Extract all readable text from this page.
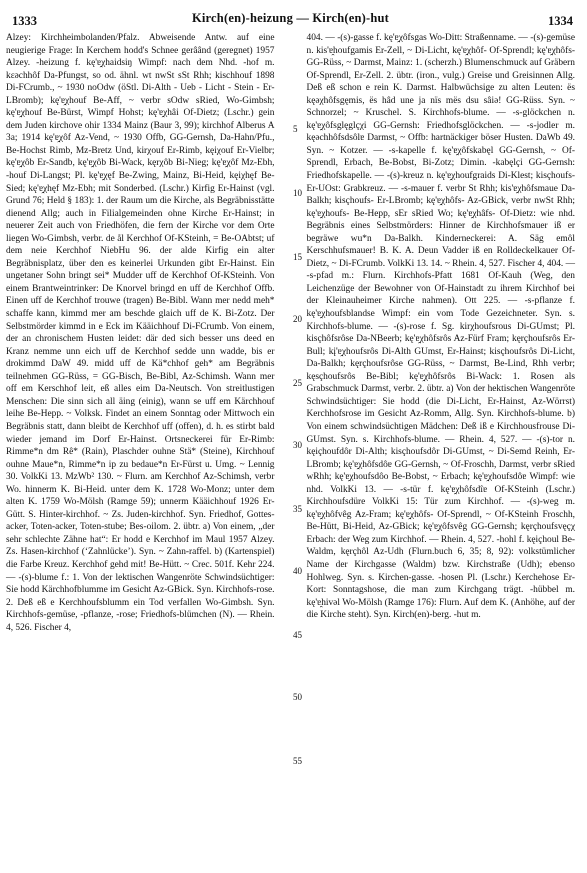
1333	Kirch(en)-heizung — Kirch(en)-hut	1334

Alzey: Kirchheimbolanden/Pfalz. Abweisende Antw. auf eine neugierige Frage: In Kerchem hodd's Schnee gerâând (geregnet) 1957 Alzey. -heizung f. kę'ɐ̯χhaidsiŋ Wimpf: nach dem Nhd. -hof m. kɛəchhôf Da-Pfungst, so od. ähnl. wt nwSt sSt Rhh; kischhouf 1898 Di-FCrumb., ~ 1930 noOdw (öStl. Di-Alth - Ueb - Licht - Stein - Er-LBromb); kę'ɐ̯χhouf Be-Aff, ~ verbr sOdw sRied, Wo-Gimbsh; kę'ɐ̯χhouf Be-Bürst, Wimpf Hohst; kę'ɐ̯χhâi Of-Dietz; (Lschr.) gein dem Juden kirchove ohir 1334 Mainz (Baur 3, 99); kirchhof Alberus A 3a; 1914 kę'ɐ̯χôf Az-Vend, ~ 1930 Offb, GG-Gernsh, Da-Hahn/Pfu., Be-Hochst Rimb, Mz-Bretz Und, kirχouf Er-Rimb, kęiχouf Er-Vielbr; kę'ɐ̯χôb Er-Sandb, kę'ɐ̯χôb Bi-Wack, kęrχôb Bi-Nieg; kę'ɐ̯χôf Mz-Ebh, -houf Di-Langst; Pl. kę'ɐ̯χęf Be-Zwing, Mainz, Bi-Heid, kęiχhęf Be-Sied; kę'ɐ̯χhęf Mz-Ebh; mit Sonderbed. (Lschr.) Kirfig Er-Hainst (vgl. Grund 76; Held § 183): 1. der Raum um die Kirche, als Begräbnisstätte dienend Allg; auch in Filialgemeinden ohne Kirche Er-Hainst; in neuerer Zeit auch von Friedhöfen, die fern der Kirche vor dem Orte liegen Wo-Gimbsh, verbr. de ål Kerchhof Of-KSteinh, = Be-OAbtst; uf dem neie Kerchhof NiebHu 96. der alde Kirfig ein alter Begräbnisplatz, über den es keinerlei Urkunden gibt Er-Hainst. Ein ungetaner Sohn bringt sei* Mudder uff de Kerchhof Of-KSteinh. Von einem Brantweintrinker: De Knorvel bringd en uff de Kerchhof Offb. Einen uff de Kerchhof trouwe (tragen) Be-Bibl. Wann mer nedd meh* schaffe kann, kimmd mer am beschde glaich uff de K. Bi-Zotz. Der Selbstmörder kimmd in e Eck im Kääichhouf Di-FCrumb. Von einem, der an chronischem Husten leidet: där ded sich besser uns deed en Kranz nemme unn eich uff de Kerchhof sedde unn wadde, bis er drokimmd DaW 49. midd uff de Kä*chhof geh* am Begräbnis teilnehmen GG-Rüss, = GG-Bisch, Be-Bibl, Az-Schimsh. Wann mer off em Kerschhof leit, eß alles eim Da-Neutsch. Von streitlustigen Menschen: Die sinn sich all äing (einig), wann se uff em Kärchhouf leihe Be-Hepp. ~ Volksk. Findet an einem Sonntag oder Mittwoch ein Begräbnis statt, dann bleibt de Kerchhof uff (offen), d. h. es stirbt bald wieder jemand im Dorf Er-Hainst. Ortsneckerei für Er-Rimb: Rimme*n dm Rê* (Rain), Plaschder ouhne Stä* (Steine), Kirchhouf ouhne Maue*n, Rimme*n ip zu bedaue*n Er-Fürst u. Umg. ~ Lennig 30. VolkKi 13. MzWb² 130. ~ Flurn. am Kerchhof Az-Schimsh, verbr Wo. hinnerm K. Bi-Heid. unter dem K. 1728 Wo-Monz; unter dem alten K. 1759 Wo-Mölsh (Ramge 59); unnerm Kääichhouf 1926 Er-Gütt. S. Hinter-kirchhof. ~ Zs. Juden-kirchhof. Syn. Friedhof, Gottes-acker, Toten-acker, Toten-stube; Bes-oilom. 2. übtr. a) Von einem, „der sehr schlechte Zähne hat“: Er hodd e Kerchhof im Maul 1957 Alzey. Zs. Hasen-kirchhof (‘Zahnlücke’). Syn. ~ Zahn-raffel. b) (Kartenspiel) die Farbe Kreuz. Kerchhof gehd mit! Be-Hütt. ~ Crec. 501f. Kehr 224. — -(s)-blume f.: 1. Von der lektischen Wangenröte Schwindsüchtiger: Sie hodd Kärchhofblumme im Gesicht Az-GBick. Syn. Kirchhofs-rose. 2. Deß eß e Kerchhoufsblumm ein Tod verfallen Wo-Gimbsh. Syn. Kirchhofs-gemüse, -pflanze, -rose; Friedhofs-blümchen (N). — Rhein. 4, 526. Fischer 4,

5
10
15
20
25
30
35
40
45
50
55

404. — -(s)-gasse f. kę'ɐ̯χôfsgas Wo-Ditt: Straßenname. — -(s)-gemüse n. kis'ɐ̯houfgamis Er-Zell, ~ Di-Licht, kę'ɐ̯χhôf- Of-Sprendl; kę'ɐ̯χhôfs- GG-Rüss, ~ Darmst, Mainz: 1. (scherzh.) Blumenschmuck auf Gräbern Of-Sprendl, Er-Zell. 2. übtr. (iron., vulg.) Greise und Greisinnen Allg. Deß eß schon e rein K. Darmst. Halbwüchsige zu alten Leuten: ës kęəχhôfsgęmis, ës hâd une ja nïs mës dsu sâiə! GG-Rüss. Syn. ~ Schnorzel; ~ Kruschel. S. Kirchhofs-blume. — -s-glöckchen n. kę'ɐ̯χôfsglęglçχi GG-Gernsh: Friedhofsglöckchen. — -s-jodler m. kęəchhôfsdsôlɐ Darmst, ~ Offb: hartnäckiger böser Husten. DaWb 49. Syn. ~ Kotzer. — -s-kapelle f. kę'ɐ̯χôfskabęl GG-Gernsh, ~ Of-Sprendl, Erbach, Be-Bobst, Bi-Zotz; Dimin. -kabęlçi GG-Gernsh: Friedhofskapelle. — -(s)-kreuz n. kę'ɐ̯χhoufgraids Di-Klest; kisçhoufs- Er-UOst: Grabkreuz. — -s-mauer f. verbr St Rhh; kis'ɐ̯χhôfsmaue Da-Balkh; kisçhoufs- Er-LBromb; kę'ɐ̯χhôfs- Az-GBick, verbr nwSt Rhh; kę'ɐ̯χhoufs- Be-Hepp, sEr sRied Wo; kę'ɐ̯χhâfs- Of-Dietz: wie nhd. Begräbnis eines Selbstmörders: Hinner de Kirchhofsmauer iß er begräwe wu*n Da-Balkh. Kinderneckerei: A. Säg emôl Kerschhufsmauer! B. K. A. Deun Vadder iß en Rolldeckelkauer Of-Dietz, ~ Di-FCrumb. VolkKi 13. 14. ~ Rhein. 4, 527. Fischer 4, 404. — -s-pfad m.: Flurn. Kirchhofs-Pfatt 1681 Of-Kauh (Weg, den Leichenzüge der Bewohner von Of-Hainstadt zu ihrem Kirchhof bei der Kleinauheimer Kirche nahmen). Ott 225. — -s-pflanze f. kę'ɐ̯χhoufsblandse Wimpf: ein vom Tode Gezeichneter. Syn. s. Kirchhofs-blume. — -(s)-rose f. Sg. kirχhoufsrous Di-GUmst; Pl. kisçhôfsrôse Da-NBeerb; kę'ɐ̯χhôfsrôs Az-Fürf Fram; kęrçhoufsrôs Er-Bull; kį'ɐ̯χhoufsrôs Di-Alth GUmst, Er-Hainst; kisçhoufsrôs Di-Licht, Da-Balkh; kęrçhoufsrôse GG-Rüss, ~ Darmst, Be-Lind, Rhh verbr; kęsçhoufsrôs Be-Bibl; kę'ɐ̯χhôfsrôs Bi-Wack: 1. Rosen als Grabschmuck Darmst, verbr. 2. übtr. a) Von der hektischen Wangenröte Schwindsüchtiger: Sie hodd (die Di-Licht, Er-Hainst, Az-Wörrst) Kerchhofsrose im Gesicht Az-Romm, Allg. Syn. Kirchhofs-blume. b) Von einem schwindsüchtigen Mädchen: Deß iß e Kirchhousfrouse Di-GUmst. Syn. s. Kirchhofs-blume. — Rhein. 4, 527. — -(s)-tor n. kęiçhoufdôr Di-Alth; kisçhoufsdôr Di-GUmst, ~ Di-Semd Reinh, Er-LBromb; kę'ɐ̯χhôfsdôɐ GG-Gernsh, ~ Of-Froschh, Darmst, verbr sRied wRhh; kę'ɐ̯χhoufsdôo Be-Bobst, ~ Erbach; kę'ɐ̯χhoufsdôɐ Wimpf: wie nhd. VolkKi 13. — -s-tür f. kę'ɐ̯χhôfsdîɐ Of-KSteinh (Lschr.) Kirchhoufsdüre VolkKi 15: Tür zum Kirchhof. — -(s)-weg m. kę'ɐ̯χhôfvêg Az-Fram; kę'ɐ̯χhôfs- Of-Sprendl, ~ Of-KSteinh Froschh, Be-Hütt, Bi-Heid, Az-GBick; kę'ɐ̯χôfsvêg GG-Gernsh; kęrçhoufsvęçχ Erbach: der Weg zum Kirchhof. — Rhein. 4, 527. -hohl f. kęiçhoul Be-Waldm, kęrçhôl Az-Udh (Flurn.buch 6, 35; 8, 92): volkstümlicher Name der Kirchgasse (Waldm) bzw. Kirchstraße (Udh); ebenso Hohlweg. Syn. s. Kirchen-gasse. -hosen Pl. (Lschr.) Kerchehose Er-Kort: Sonntagshose, die man zum Kirchgang trägt. -hübbel m. kę'ɐ̯hivəl Wo-Mölsh (Ramge 176): Flurn. Auf dem K. (Anhöhe, auf der die Kirche steht). Syn. Kirch(en)-berg. -hut m.
